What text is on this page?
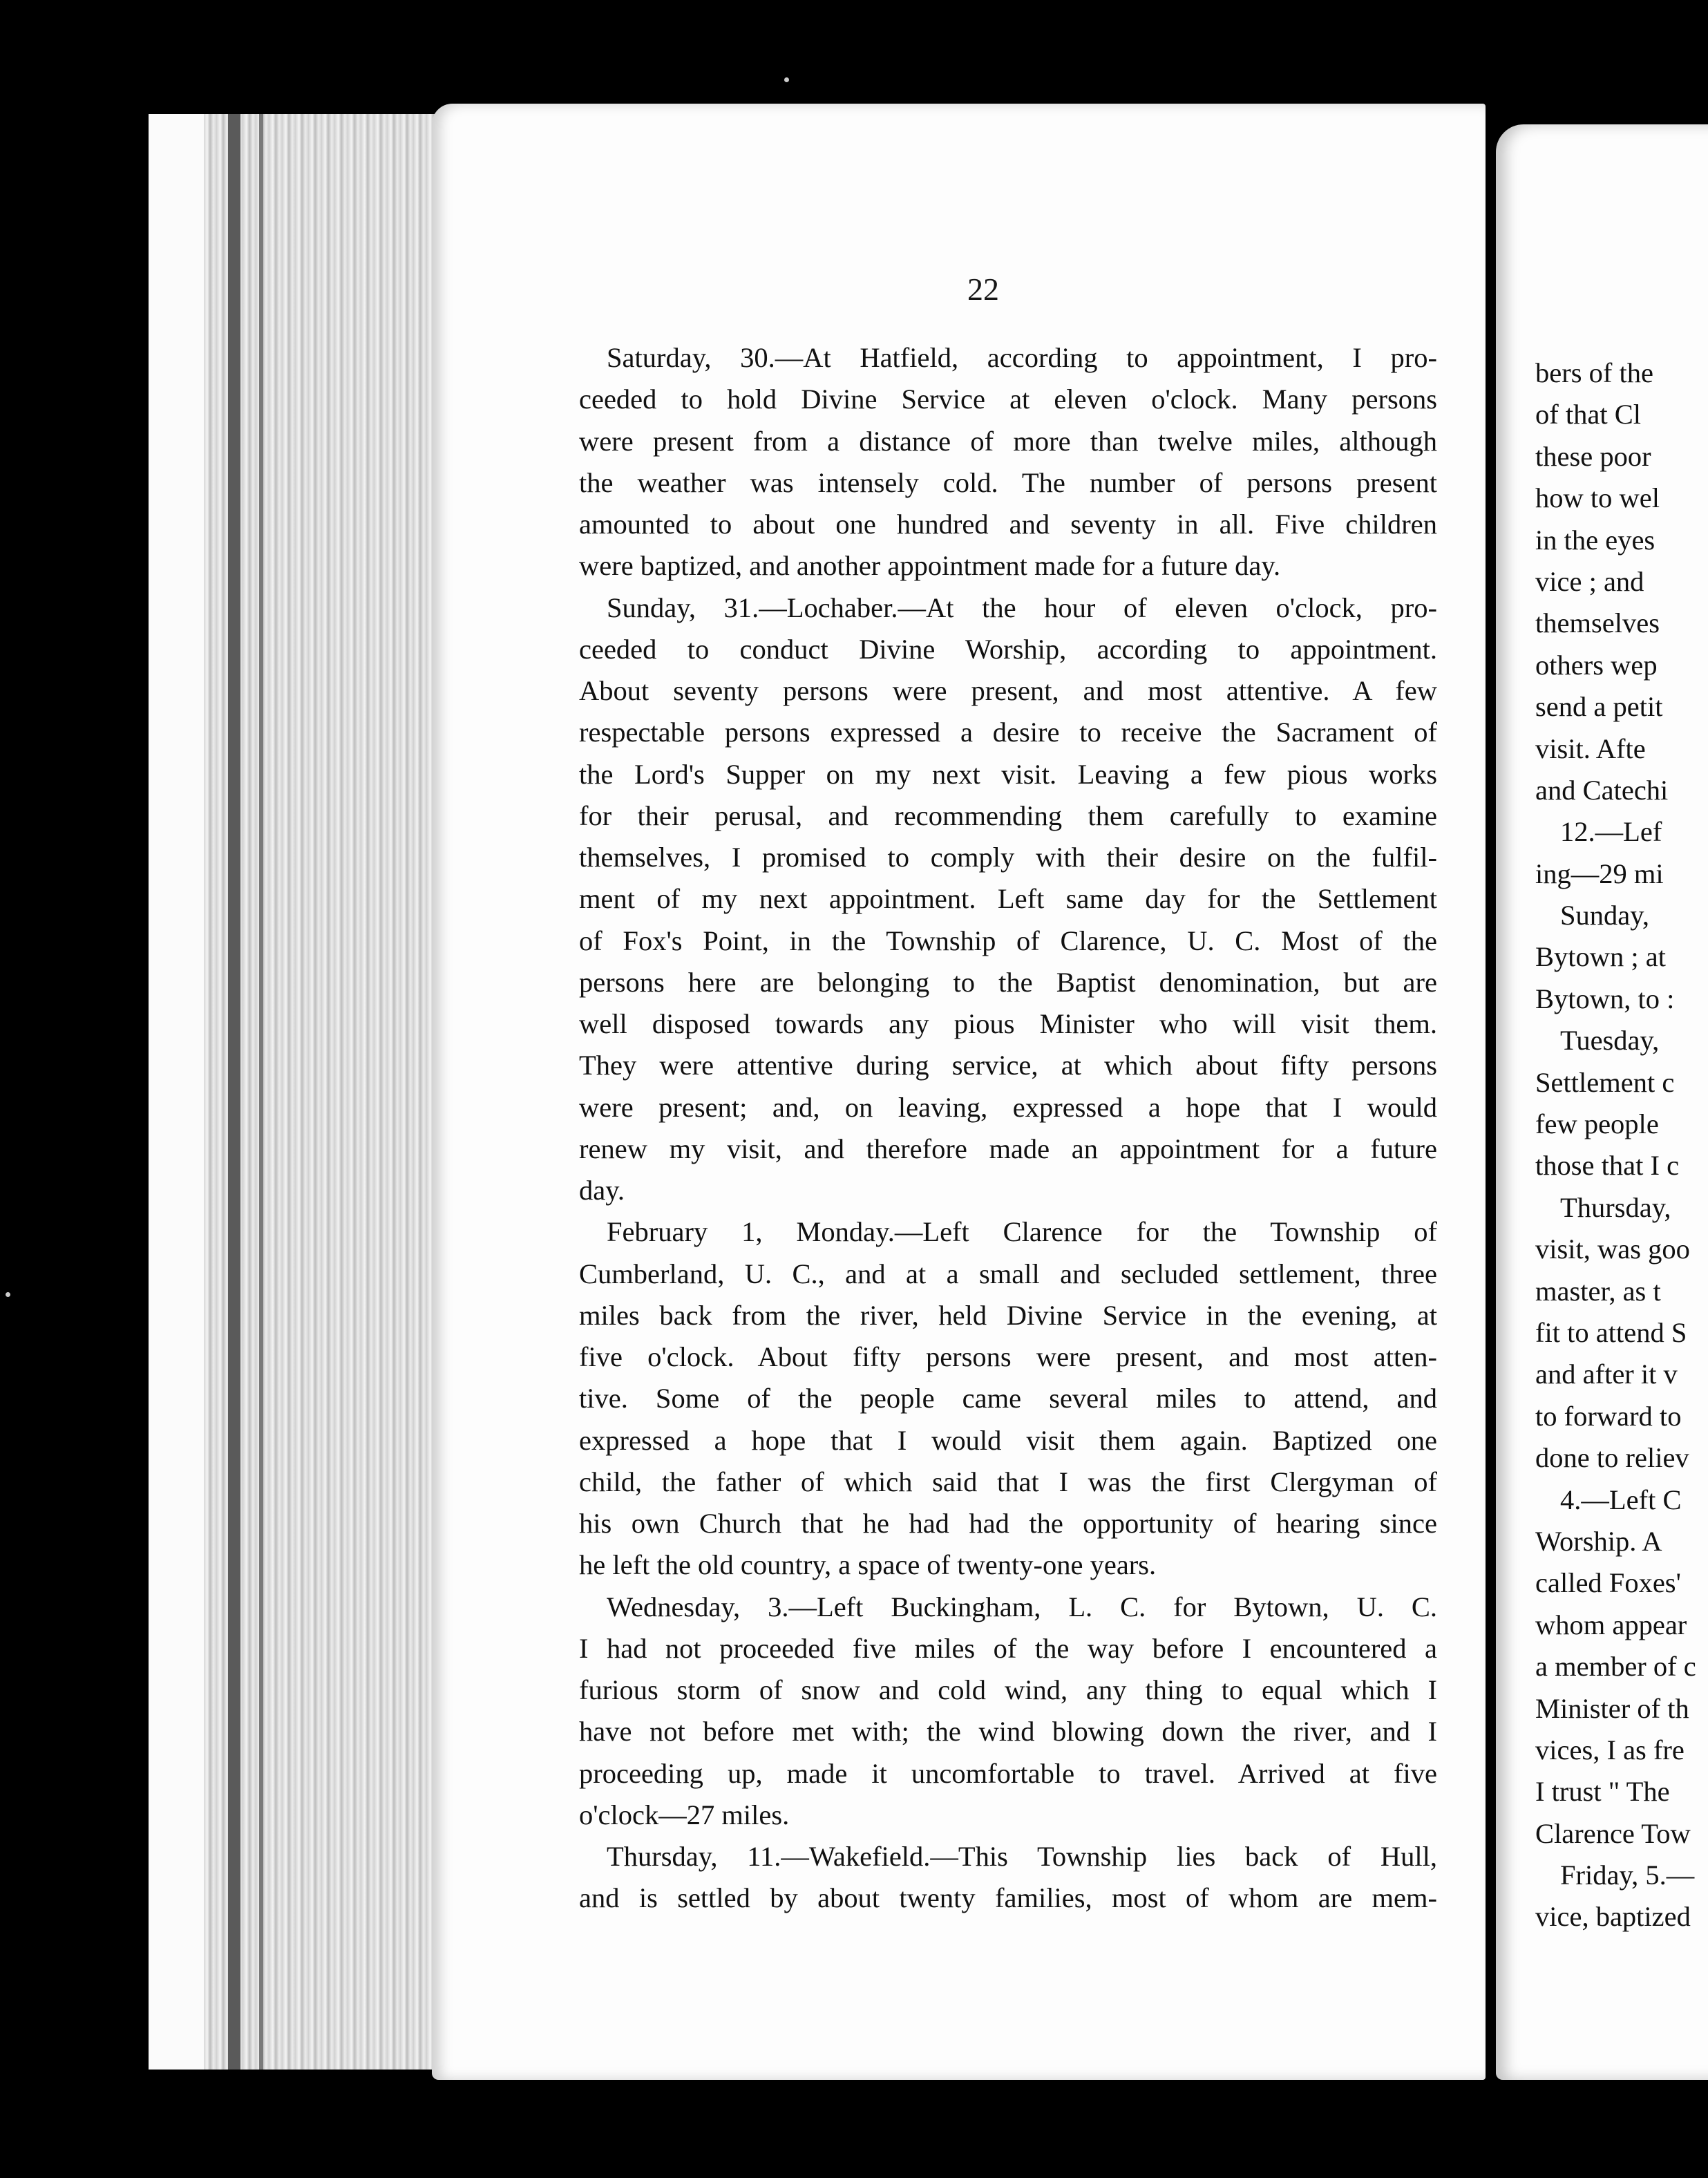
22
Saturday, 30.—At Hatfield, according to appointment, I pro-
ceeded to hold Divine Service at eleven o'clock. Many persons
were present from a distance of more than twelve miles, although
the weather was intensely cold. The number of persons present
amounted to about one hundred and seventy in all. Five children
were baptized, and another appointment made for a future day.
Sunday, 31.—Lochaber.—At the hour of eleven o'clock, pro-
ceeded to conduct Divine Worship, according to appointment.
About seventy persons were present, and most attentive. A few
respectable persons expressed a desire to receive the Sacrament of
the Lord's Supper on my next visit. Leaving a few pious works
for their perusal, and recommending them carefully to examine
themselves, I promised to comply with their desire on the fulfil-
ment of my next appointment. Left same day for the Settlement
of Fox's Point, in the Township of Clarence, U. C. Most of the
persons here are belonging to the Baptist denomination, but are
well disposed towards any pious Minister who will visit them.
They were attentive during service, at which about fifty persons
were present; and, on leaving, expressed a hope that I would
renew my visit, and therefore made an appointment for a future
day.
February 1, Monday.—Left Clarence for the Township of
Cumberland, U. C., and at a small and secluded settlement, three
miles back from the river, held Divine Service in the evening, at
five o'clock. About fifty persons were present, and most atten-
tive. Some of the people came several miles to attend, and
expressed a hope that I would visit them again. Baptized one
child, the father of which said that I was the first Clergyman of
his own Church that he had had the opportunity of hearing since
he left the old country, a space of twenty-one years.
Wednesday, 3.—Left Buckingham, L. C. for Bytown, U. C.
I had not proceeded five miles of the way before I encountered a
furious storm of snow and cold wind, any thing to equal which I
have not before met with; the wind blowing down the river, and I
proceeding up, made it uncomfortable to travel. Arrived at five
o'clock—27 miles.
Thursday, 11.—Wakefield.—This Township lies back of Hull,
and is settled by about twenty families, most of whom are mem-
bers of the
of that Cl
these poor
how to wel
in the eyes
vice ; and
themselves
others wep
send a petit
visit. Afte
and Catechi
12.—Lef
ing—29 mi
Sunday,
Bytown ; at
Bytown, to :
Tuesday,
Settlement c
few people
those that I c
Thursday,
visit, was goo
master, as t
fit to attend S
and after it v
to forward to
done to reliev
4.—Left C
Worship. A
called Foxes'
whom appear
a member of c
Minister of th
vices, I as fre
I trust " The
Clarence Tow
Friday, 5.—
vice, baptized
